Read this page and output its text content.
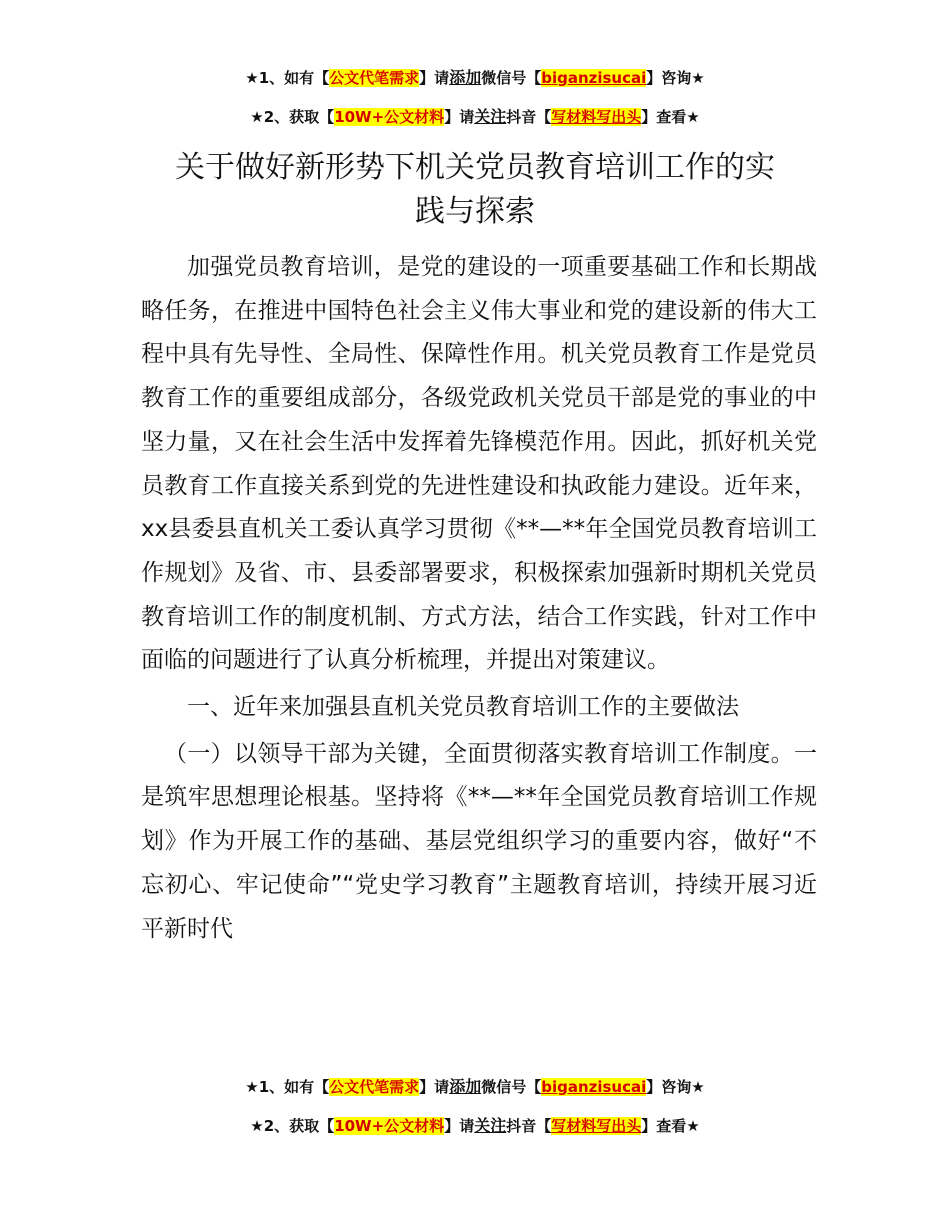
★1、如有【公文代笔需求】请添加微信号【biganzisucai】咨询★
★2、获取【10W+公文材料】请关注抖音【写材料写出头】查看★
关于做好新形势下机关党员教育培训工作的实
践与探索

加强党员教育培训，是党的建设的一项重要基础工作和长期战略任务，在推进中国特色社会主义伟大事业和党的建设新的伟大工程中具有先导性、全局性、保障性作用。机关党员教育工作是党员教育工作的重要组成部分，各级党政机关党员干部是党的事业的中坚力量，又在社会生活中发挥着先锋模范作用。因此，抓好机关党员教育工作直接关系到党的先进性建设和执政能力建设。近年来，xx县委县直机关工委认真学习贯彻《**—**年全国党员教育培训工作规划》及省、市、县委部署要求，积极探索加强新时期机关党员教育培训工作的制度机制、方式方法，结合工作实践，针对工作中面临的问题进行了认真分析梳理，并提出对策建议。

一、近年来加强县直机关党员教育培训工作的主要做法

（一）以领导干部为关键，全面贯彻落实教育培训工作制度。一是筑牢思想理论根基。坚持将《**—**年全国党员教育培训工作规划》作为开展工作的基础、基层党组织学习的重要内容，做好“不忘初心、牢记使命”“党史学习教育”主题教育培训，持续开展习近平新时代

★1、如有【公文代笔需求】请添加微信号【biganzisucai】咨询★
★2、获取【10W+公文材料】请关注抖音【写材料写出头】查看★
